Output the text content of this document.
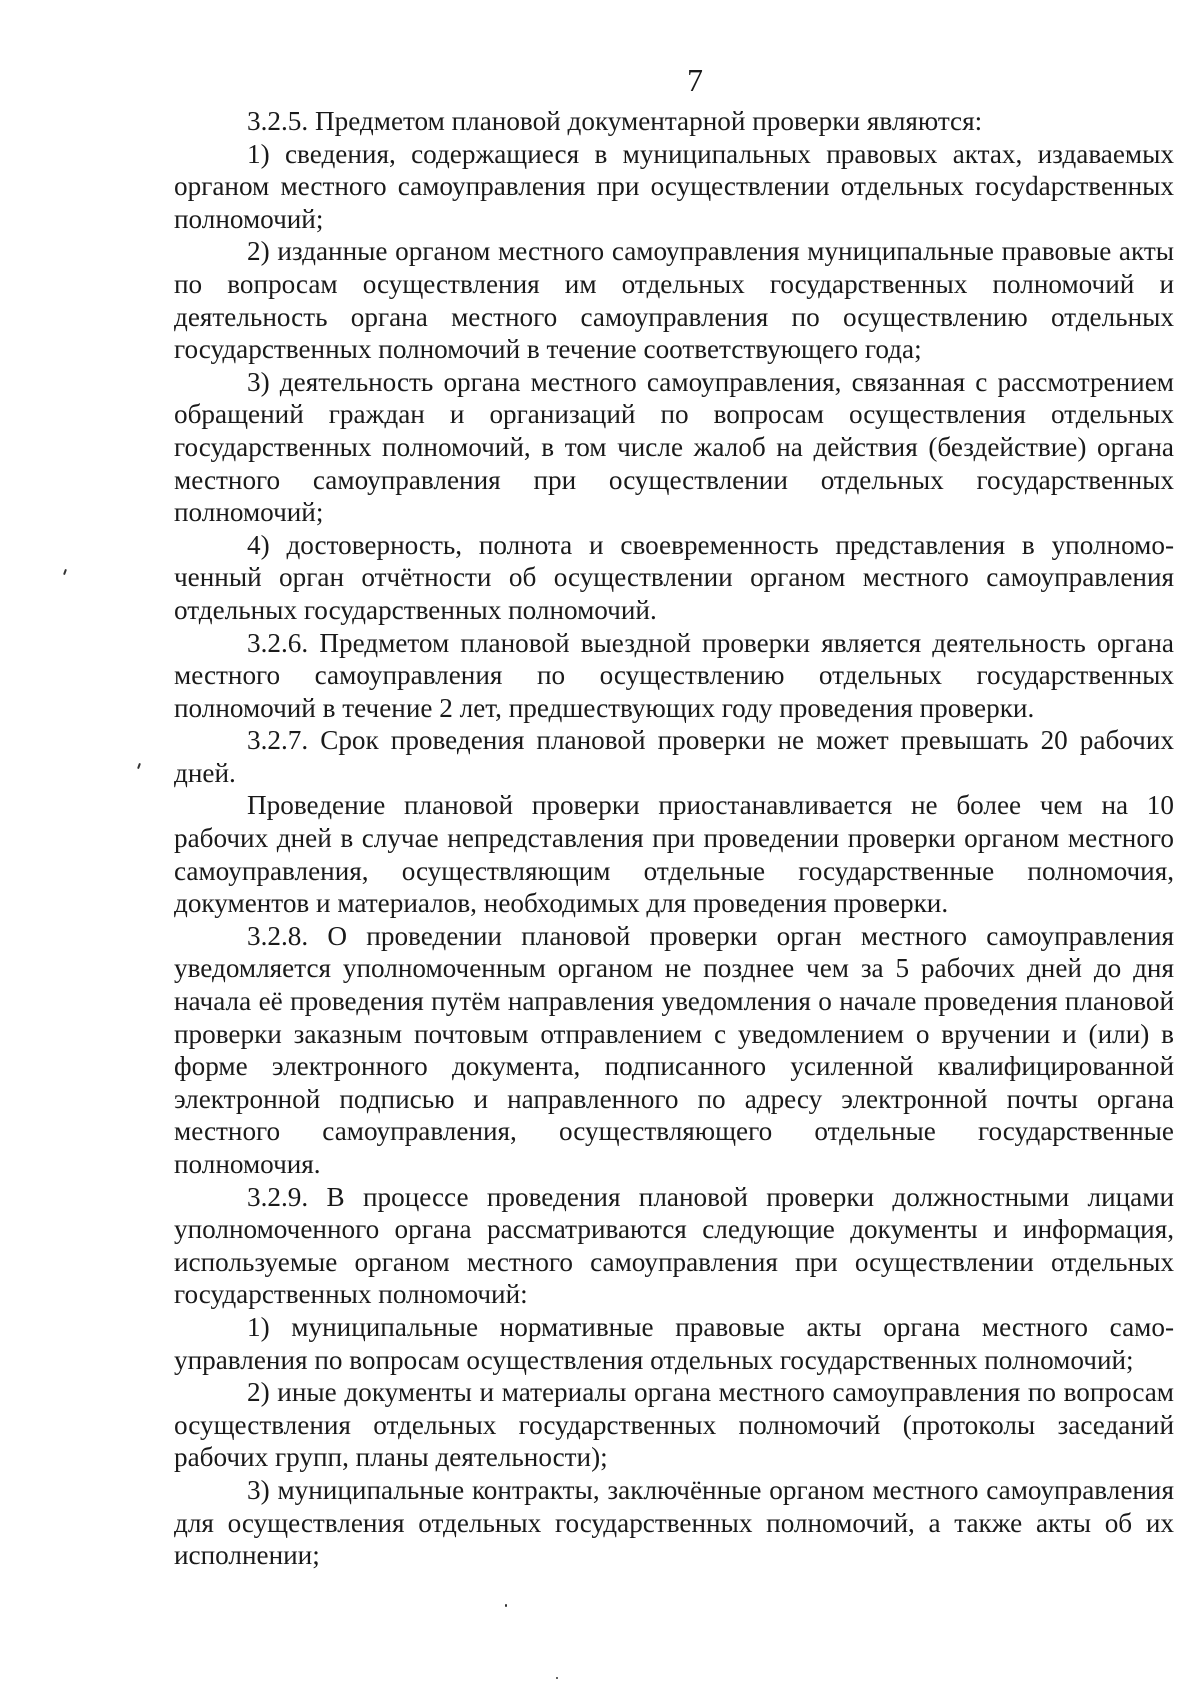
7

3.2.5. Предметом плановой документарной проверки являются:

1) сведения, содержащиеся в муниципальных правовых актах, издаваемых органом местного самоуправления при осуществлении отдельных госуdарственных полномочий;

2) изданные органом местного самоуправления муниципальные правовые акты по вопросам осуществления им отдельных государственных полномочий и деятельность органа местного самоуправления по осуществлению отдельных государственных полномочий в течение соответствующего года;

3) деятельность органа местного самоуправления, связанная с рассмотрением обращений граждан и организаций по вопросам осуществления отдельных государственных полномочий, в том числе жалоб на действия (бездействие) органа местного самоуправления при осуществлении отдельных государственных полномочий;

4) достоверность, полнота и своевременность представления в уполномоченный орган отчётности об осуществлении органом местного самоуправления отдельных государственных полномочий.

3.2.6. Предметом плановой выездной проверки является деятельность органа местного самоуправления по осуществлению отдельных государственных полномочий в течение 2 лет, предшествующих году проведения проверки.

3.2.7. Срок проведения плановой проверки не может превышать 20 рабочих дней.

Проведение плановой проверки приостанавливается не более чем на 10 рабочих дней в случае непредставления при проведении проверки органом местного самоуправления, осуществляющим отдельные государственные полномочия, документов и материалов, необходимых для проведения проверки.

3.2.8. О проведении плановой проверки орган местного самоуправления уведомляется уполномоченным органом не позднее чем за 5 рабочих дней до дня начала её проведения путём направления уведомления о начале проведения плановой проверки заказным почтовым отправлением с уведомлением о вручении и (или) в форме электронного документа, подписанного усиленной квалифицированной электронной подписью и направленного по адресу электронной почты органа местного самоуправления, осуществляющего отдельные государственные полномочия.

3.2.9. В процессе проведения плановой проверки должностными лицами уполномоченного органа рассматриваются следующие документы и информация, используемые органом местного самоуправления при осуществлении отдельных государственных полномочий:

1) муниципальные нормативные правовые акты органа местного самоуправления по вопросам осуществления отдельных государственных полномочий;

2) иные документы и материалы органа местного самоуправления по вопросам осуществления отдельных государственных полномочий (протоколы заседаний рабочих групп, планы деятельности);

3) муниципальные контракты, заключённые органом местного самоуправления для осуществления отдельных государственных полномочий, а также акты об их исполнении;
